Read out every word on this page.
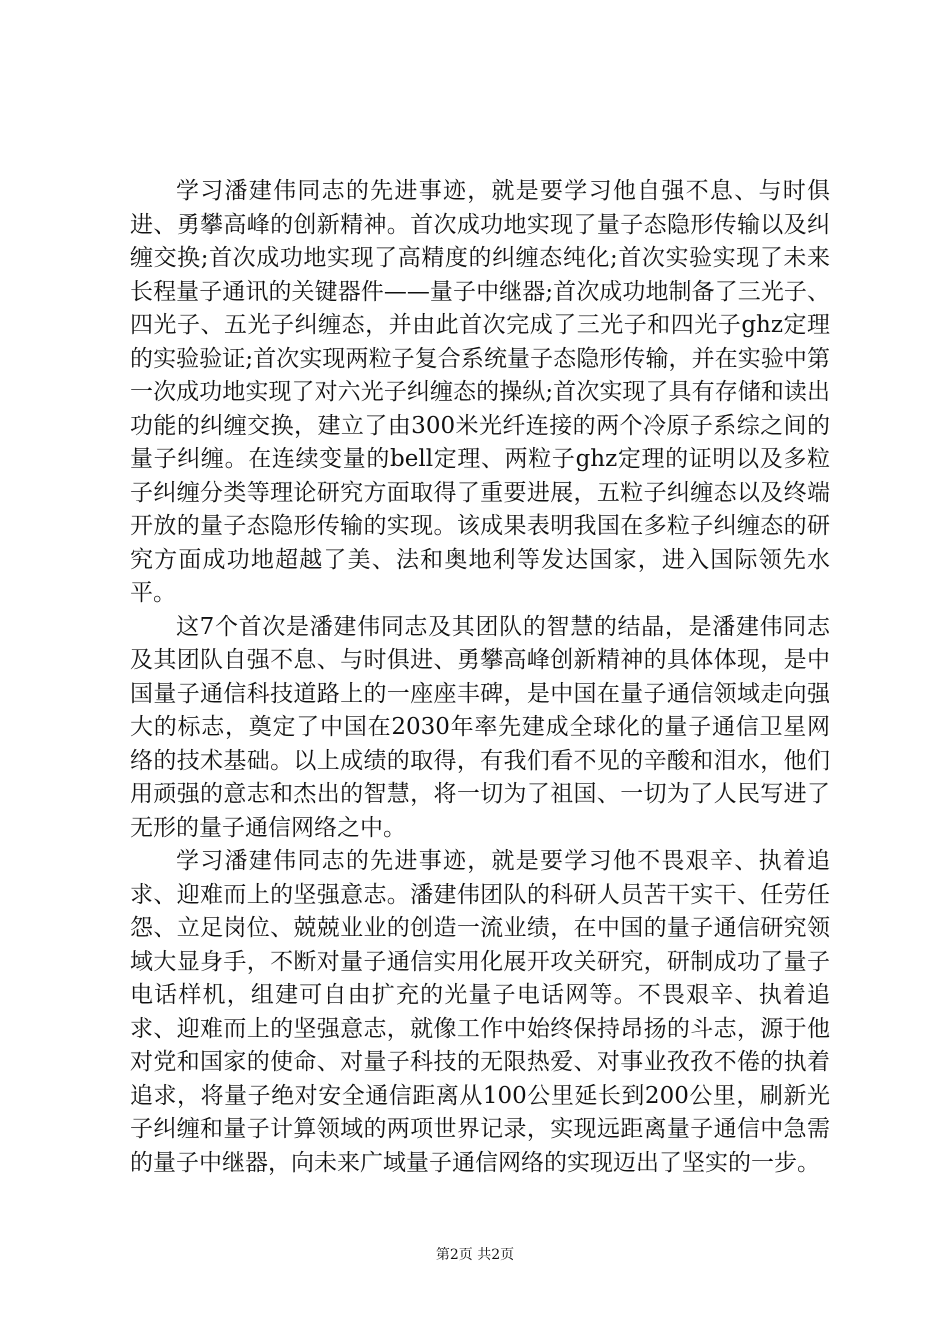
学习潘建伟同志的先进事迹，就是要学习他自强不息、与时俱进、勇攀高峰的创新精神。首次成功地实现了量子态隐形传输以及纠缠交换;首次成功地实现了高精度的纠缠态纯化;首次实验实现了未来长程量子通讯的关键器件——量子中继器;首次成功地制备了三光子、四光子、五光子纠缠态，并由此首次完成了三光子和四光子ghz定理的实验验证;首次实现两粒子复合系统量子态隐形传输，并在实验中第一次成功地实现了对六光子纠缠态的操纵;首次实现了具有存储和读出功能的纠缠交换，建立了由300米光纤连接的两个冷原子系综之间的量子纠缠。在连续变量的bell定理、两粒子ghz定理的证明以及多粒子纠缠分类等理论研究方面取得了重要进展，五粒子纠缠态以及终端开放的量子态隐形传输的实现。该成果表明我国在多粒子纠缠态的研究方面成功地超越了美、法和奥地利等发达国家，进入国际领先水平。

这7个首次是潘建伟同志及其团队的智慧的结晶，是潘建伟同志及其团队自强不息、与时俱进、勇攀高峰创新精神的具体体现，是中国量子通信科技道路上的一座座丰碑，是中国在量子通信领域走向强大的标志，奠定了中国在2030年率先建成全球化的量子通信卫星网络的技术基础。以上成绩的取得，有我们看不见的辛酸和泪水，他们用顽强的意志和杰出的智慧，将一切为了祖国、一切为了人民写进了无形的量子通信网络之中。

学习潘建伟同志的先进事迹，就是要学习他不畏艰辛、执着追求、迎难而上的坚强意志。潘建伟团队的科研人员苦干实干、任劳任怨、立足岗位、兢兢业业的创造一流业绩，在中国的量子通信研究领域大显身手，不断对量子通信实用化展开攻关研究，研制成功了量子电话样机，组建可自由扩充的光量子电话网等。不畏艰辛、执着追求、迎难而上的坚强意志，就像工作中始终保持昂扬的斗志，源于他对党和国家的使命、对量子科技的无限热爱、对事业孜孜不倦的执着追求，将量子绝对安全通信距离从100公里延长到200公里，刷新光子纠缠和量子计算领域的两项世界记录，实现远距离量子通信中急需的量子中继器，向未来广域量子通信网络的实现迈出了坚实的一步。

第2页 共2页
